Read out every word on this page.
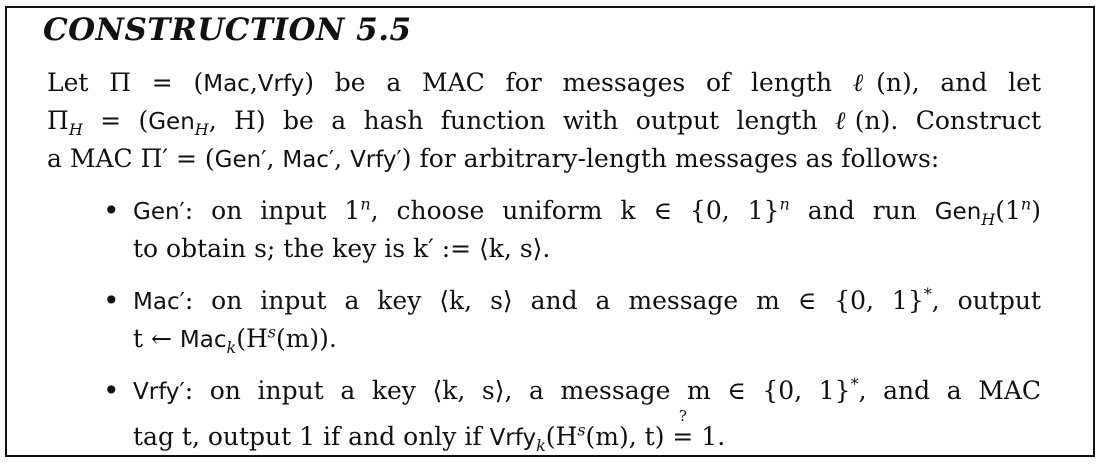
CONSTRUCTION 5.5
Let Π = (Mac,Vrfy) be a MAC for messages of length ℓ(n), and let
$\Pi_H = (Gen_H$, H) be a hash function with output length ℓ(n). Construct
a MAC Π′ = (Gen′, Mac′, Vrfy′) for arbitrary-length messages as follows:
• Gen′: on input 1$^n$, choose uniform k ∈ {0, 1}$^n$ and run $Gen_H(1^n)$
to obtain s; the key is k′ := ⟨k, s⟩.
• Mac′: on input a key ⟨k, s⟩ and a message m ∈ {0, 1}*, output
t ← $Mac_k(H^s(m))$.
• Vrfy′: on input a key ⟨k, s⟩, a message m ∈ {0, 1}*, and a MAC
tag t, output 1 if and only if $Vrfy_k(H^s(m)$, t)
?
= 1.
